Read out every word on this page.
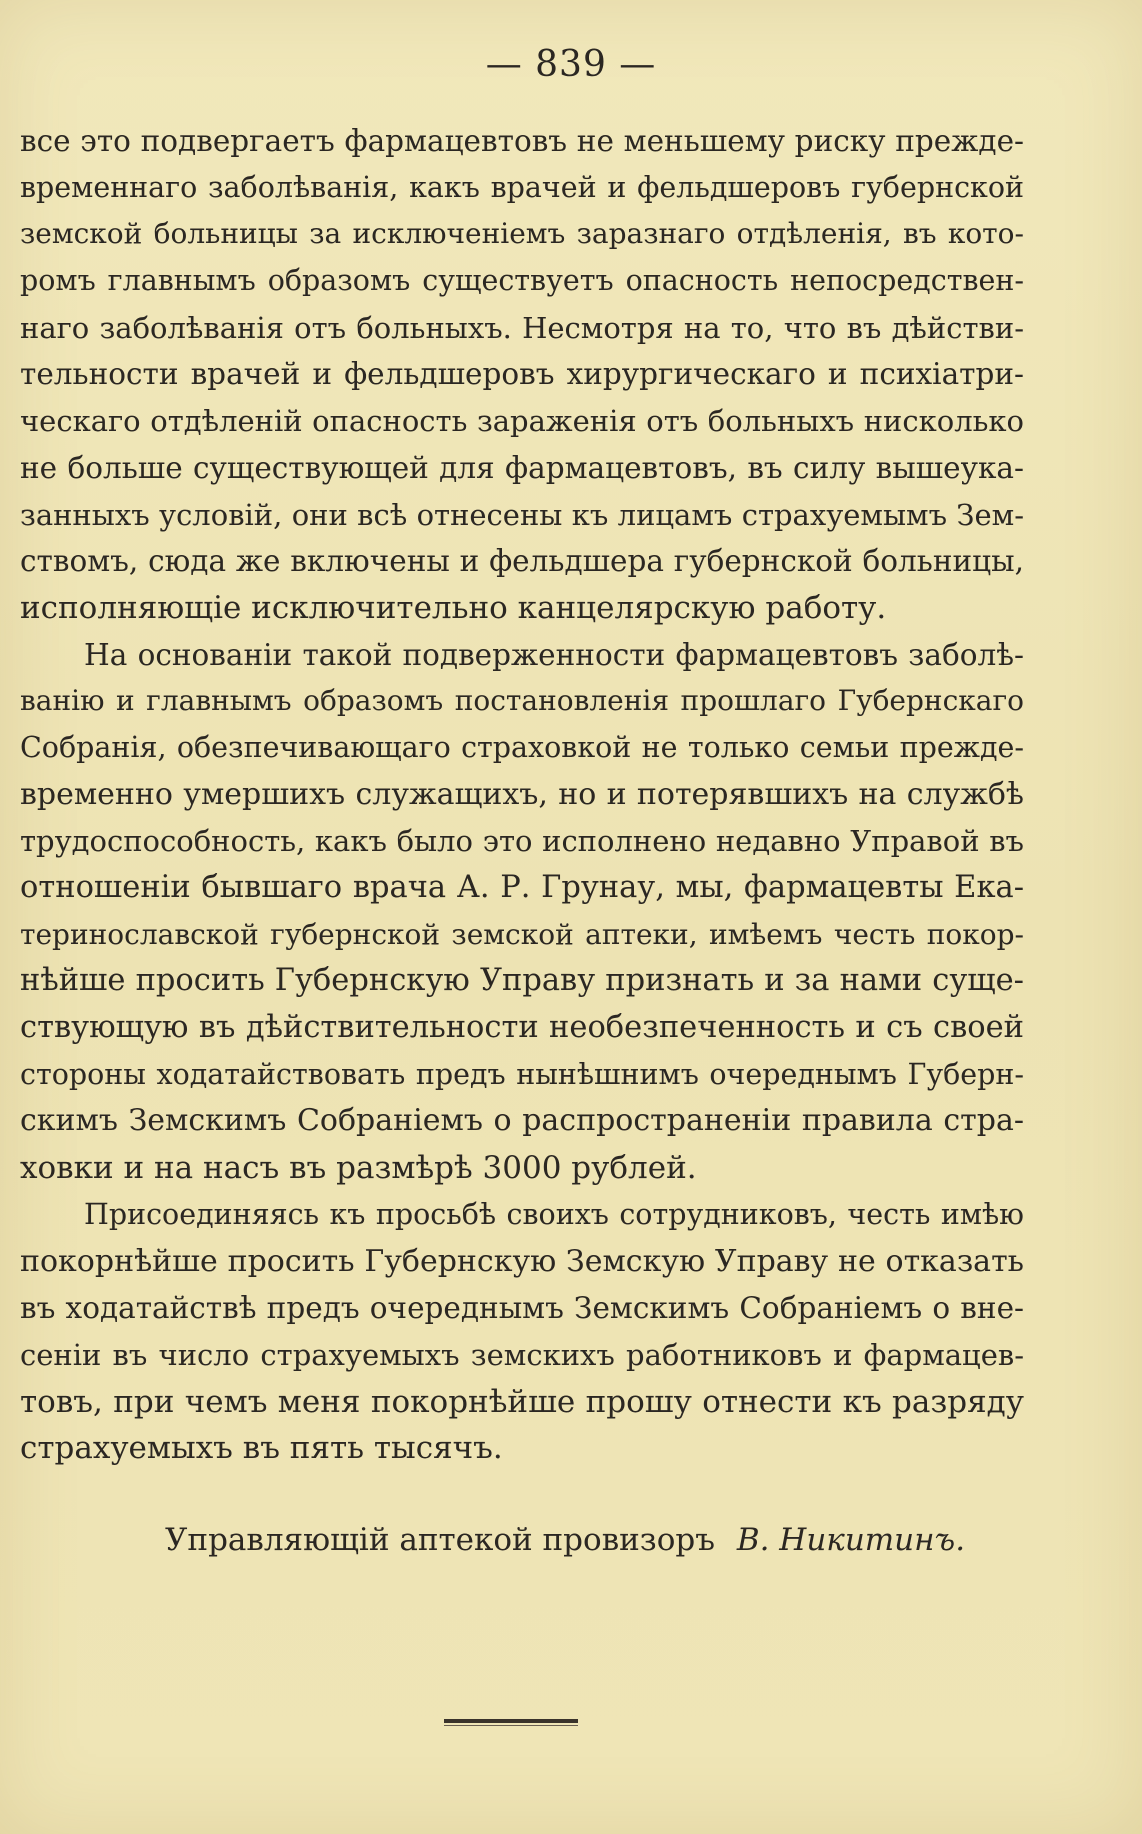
— 839 —
все это подвергаетъ фармацевтовъ не меньшему риску прежде-
временнаго заболѣванія, какъ врачей и фельдшеровъ губернской
земской больницы за исключеніемъ заразнаго отдѣленія, въ кото-
ромъ главнымъ образомъ существуетъ опасность непосредствен-
наго заболѣванія отъ больныхъ. Несмотря на то, что въ дѣйстви-
тельности врачей и фельдшеровъ хирургическаго и психіатри-
ческаго отдѣленій опасность зараженія отъ больныхъ нисколько
не больше существующей для фармацевтовъ, въ силу вышеука-
занныхъ условій, они всѣ отнесены къ лицамъ страхуемымъ Зем-
ствомъ, сюда же включены и фельдшера губернской больницы,
исполняющіе исключительно канцелярскую работу.
На основаніи такой подверженности фармацевтовъ заболѣ-
ванію и главнымъ образомъ постановленія прошлаго Губернскаго
Собранія, обезпечивающаго страховкой не только семьи прежде-
временно умершихъ служащихъ, но и потерявшихъ на службѣ
трудоспособность, какъ было это исполнено недавно Управой въ
отношеніи бывшаго врача А. Р. Грунау, мы, фармацевты Ека-
теринославской губернской земской аптеки, имѣемъ честь покор-
нѣйше просить Губернскую Управу признать и за нами суще-
ствующую въ дѣйствительности необезпеченность и съ своей
стороны ходатайствовать предъ нынѣшнимъ очереднымъ Губерн-
скимъ Земскимъ Собраніемъ о распространеніи правила стра-
ховки и на насъ въ размѣрѣ 3000 рублей.
Присоединяясь къ просьбѣ своихъ сотрудниковъ, честь имѣю
покорнѣйше просить Губернскую Земскую Управу не отказать
въ ходатайствѣ предъ очереднымъ Земскимъ Собраніемъ о вне-
сеніи въ число страхуемыхъ земскихъ работниковъ и фармацев-
товъ, при чемъ меня покорнѣйше прошу отнести къ разряду
страхуемыхъ въ пять тысячъ.
Управляющій аптекой провизоръ В. Никитинъ.
